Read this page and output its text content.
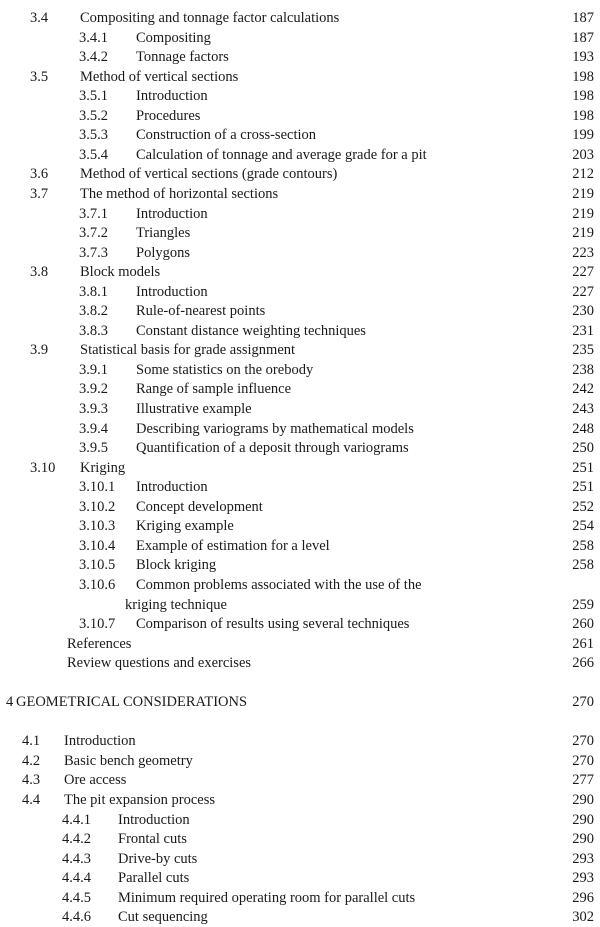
3.4 Compositing and tonnage factor calculations	187
3.4.1 Compositing	187
3.4.2 Tonnage factors	193
3.5 Method of vertical sections	198
3.5.1 Introduction	198
3.5.2 Procedures	198
3.5.3 Construction of a cross-section	199
3.5.4 Calculation of tonnage and average grade for a pit	203
3.6 Method of vertical sections (grade contours)	212
3.7 The method of horizontal sections	219
3.7.1 Introduction	219
3.7.2 Triangles	219
3.7.3 Polygons	223
3.8 Block models	227
3.8.1 Introduction	227
3.8.2 Rule-of-nearest points	230
3.8.3 Constant distance weighting techniques	231
3.9 Statistical basis for grade assignment	235
3.9.1 Some statistics on the orebody	238
3.9.2 Range of sample influence	242
3.9.3 Illustrative example	243
3.9.4 Describing variograms by mathematical models	248
3.9.5 Quantification of a deposit through variograms	250
3.10 Kriging	251
3.10.1 Introduction	251
3.10.2 Concept development	252
3.10.3 Kriging example	254
3.10.4 Example of estimation for a level	258
3.10.5 Block kriging	258
3.10.6 Common problems associated with the use of the
kriging technique	259
3.10.7 Comparison of results using several techniques	260
References	261
Review questions and exercises	266
4 GEOMETRICAL CONSIDERATIONS	270
4.1 Introduction	270
4.2 Basic bench geometry	270
4.3 Ore access	277
4.4 The pit expansion process	290
4.4.1 Introduction	290
4.4.2 Frontal cuts	290
4.4.3 Drive-by cuts	293
4.4.4 Parallel cuts	293
4.4.5 Minimum required operating room for parallel cuts	296
4.4.6 Cut sequencing	302
